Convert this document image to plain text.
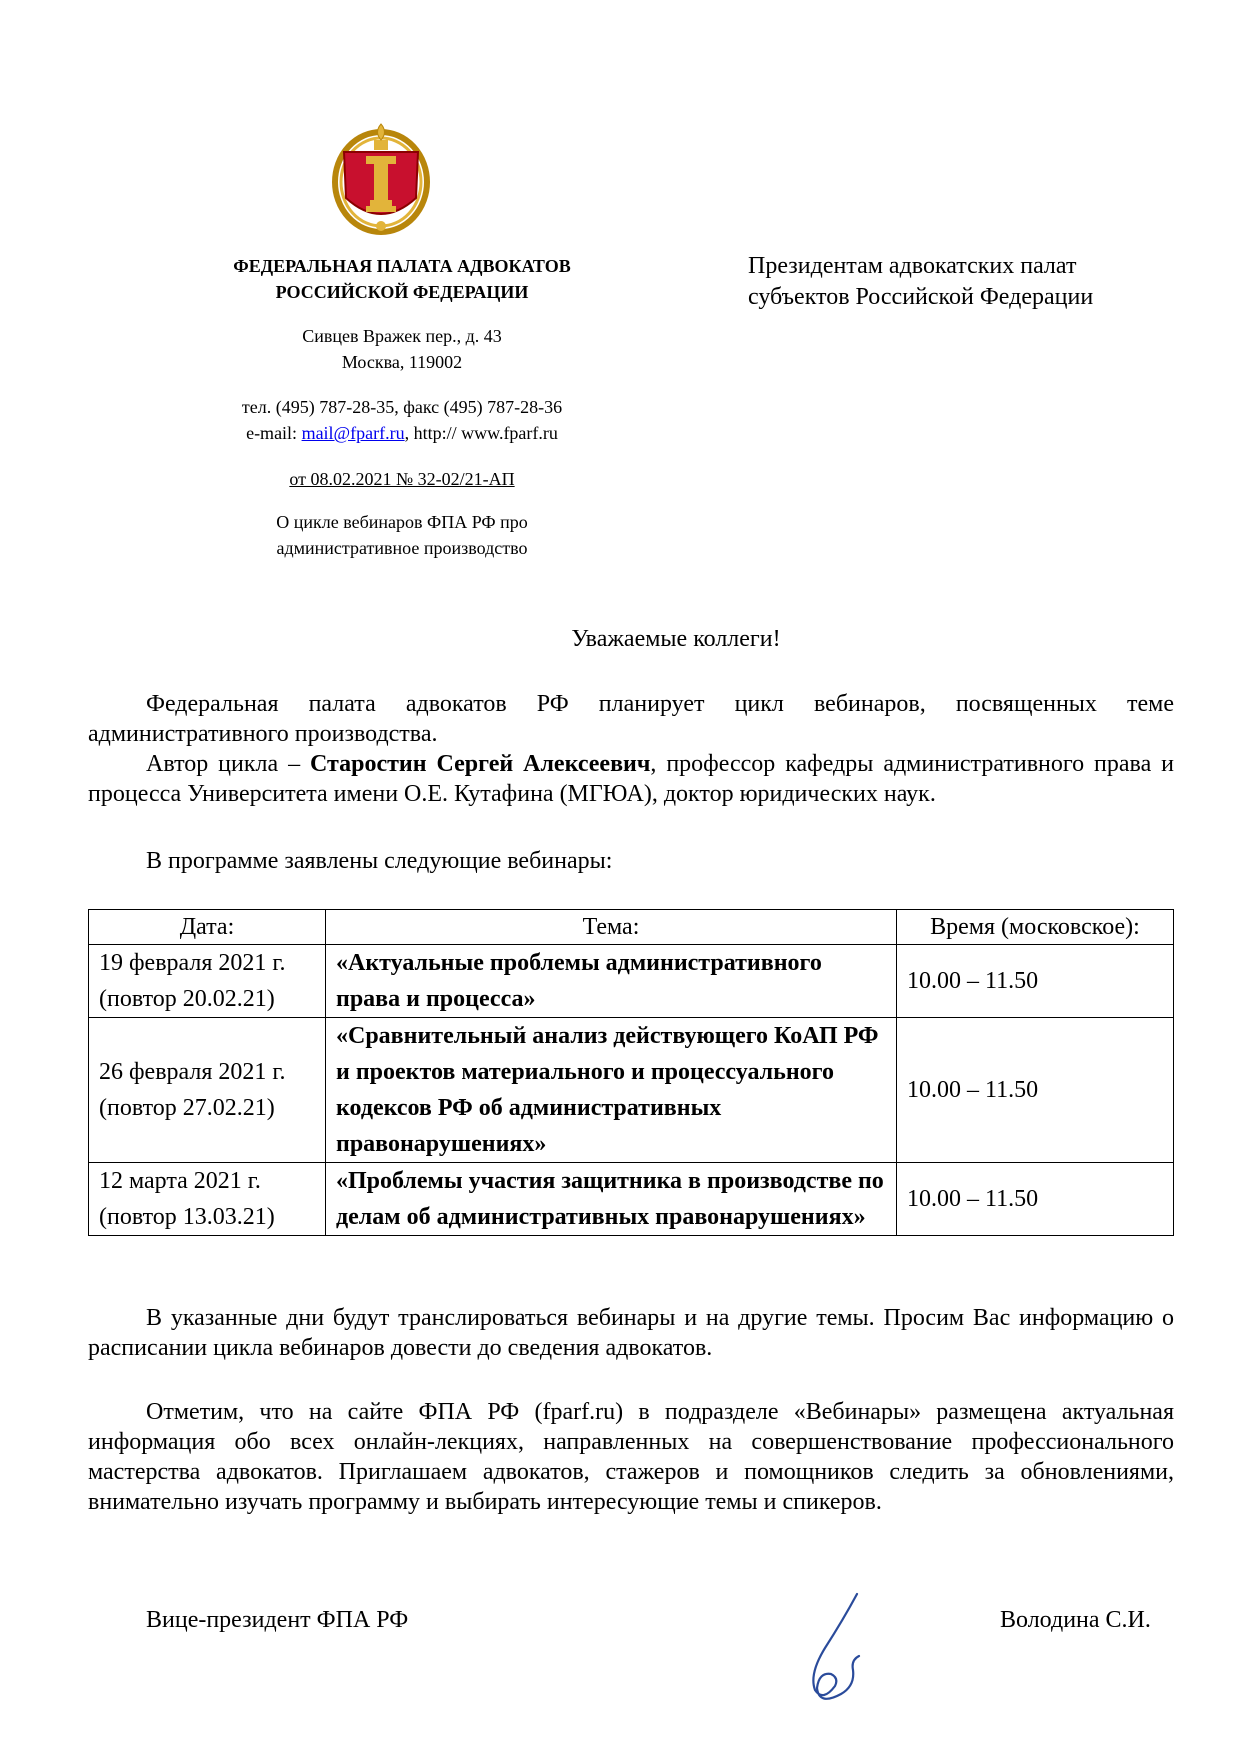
ФЕДЕРАЛЬНАЯ ПАЛАТА АДВОКАТОВ
РОССИЙСКОЙ ФЕДЕРАЦИИ
Сивцев Вражек пер., д. 43
Москва, 119002
тел. (495) 787-28-35, факс (495) 787-28-36
e-mail: mail@fparf.ru, http:// www.fparf.ru
от 08.02.2021 № 32-02/21-АП
О цикле вебинаров ФПА РФ про
административное производство
Президентам адвокатских палат
субъектов Российской Федерации
Уважаемые коллеги!

Федеральная палата адвокатов РФ планирует цикл вебинаров, посвященных теме административного производства.

Автор цикла – Старостин Сергей Алексеевич, профессор кафедры административного права и процесса Университета имени О.Е. Кутафина (МГЮА), доктор юридических наук.

В программе заявлены следующие вебинары:

Дата:	Тема:	Время (московское):

19 февраля 2021 г.
(повтор 20.02.21)	«Актуальные проблемы административного права и процесса»	10.00 – 11.50

26 февраля 2021 г.
(повтор 27.02.21)	«Сравнительный анализ действующего КоАП РФ и проектов материального и процессуального кодексов РФ об административных правонарушениях»	10.00 – 11.50

12 марта 2021 г.
(повтор 13.03.21)	«Проблемы участия защитника в производстве по делам об административных правонарушениях»	10.00 – 11.50

В указанные дни будут транслироваться вебинары и на другие темы. Просим Вас информацию о расписании цикла вебинаров довести до сведения адвокатов.

Отметим, что на сайте ФПА РФ (fparf.ru) в подразделе «Вебинары» размещена актуальная

информация обо всех онлайн-лекциях, направленных на совершенствование профессионального мастерства адвокатов. Приглашаем адвокатов, стажеров и помощников следить за обновлениями, внимательно изучать программу и выбирать интересующие темы и спикеров.
Вице-президент ФПА РФ	Володина С.И.
